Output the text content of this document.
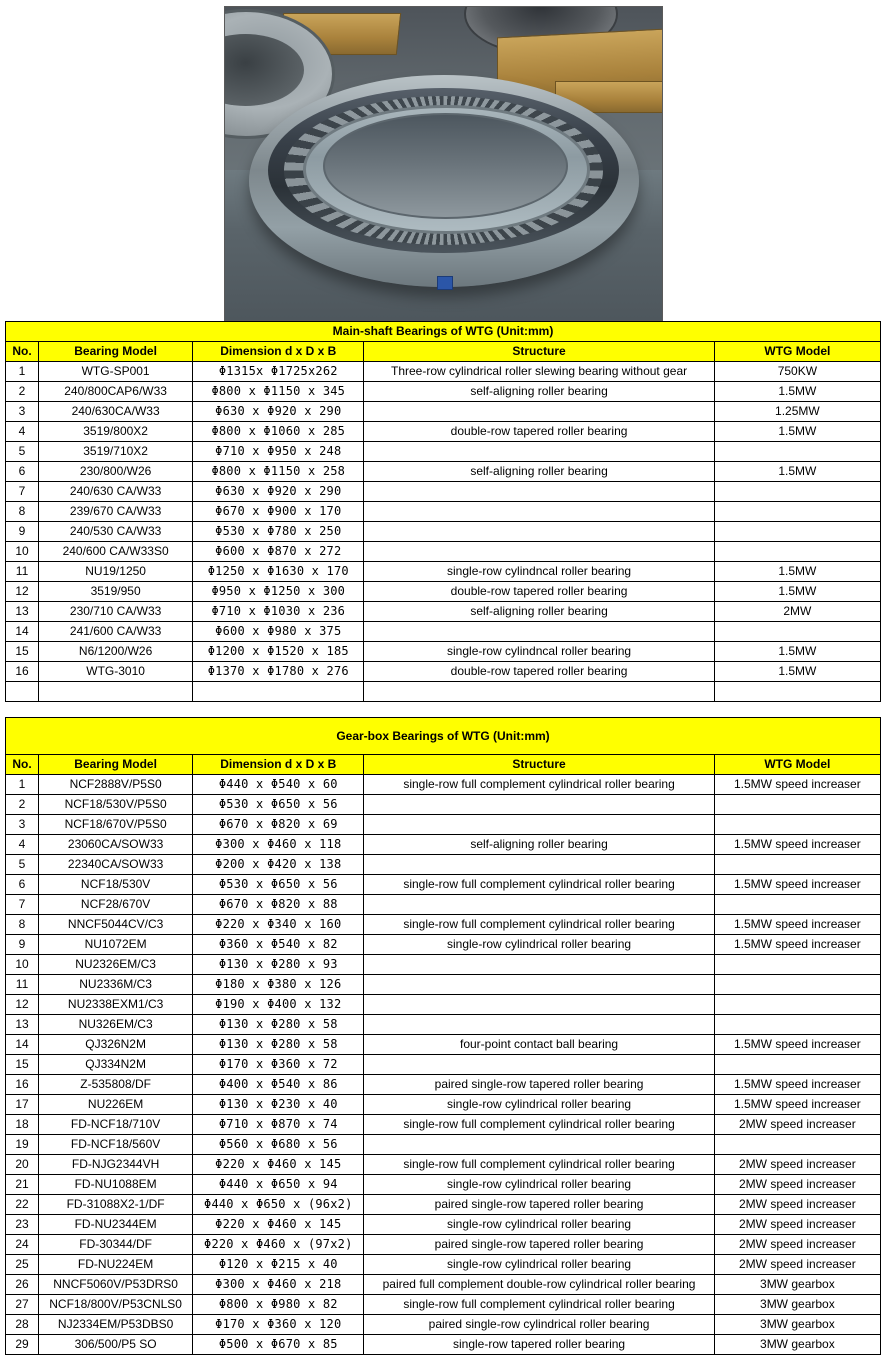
Main-shaft Bearings of WTG (Unit:mm)				
No.	Bearing Model	Dimension d x D x B	Structure	WTG Model
1	WTG-SP001	Φ1315x Φ1725x262	Three-row cylindrical roller slewing bearing without gear	750KW
2	240/800CAP6/W33	Φ800 x Φ1150 x 345	self-aligning roller bearing	1.5MW
3	240/630CA/W33	Φ630 x Φ920 x 290		1.25MW
4	3519/800X2	Φ800 x Φ1060 x 285	double-row tapered roller bearing	1.5MW
5	3519/710X2	Φ710 x Φ950 x 248		
6	230/800/W26	Φ800 x Φ1150 x 258	self-aligning roller bearing	1.5MW
7	240/630 CA/W33	Φ630 x Φ920 x 290		
8	239/670 CA/W33	Φ670 x Φ900 x 170		
9	240/530 CA/W33	Φ530 x Φ780 x 250		
10	240/600 CA/W33S0	Φ600 x Φ870 x 272		
11	NU19/1250	Φ1250 x Φ1630 x 170	single-row cylindncal roller bearing	1.5MW
12	3519/950	Φ950 x Φ1250 x 300	double-row tapered roller bearing	1.5MW
13	230/710 CA/W33	Φ710 x Φ1030 x 236	self-aligning roller bearing	2MW
14	241/600 CA/W33	Φ600 x Φ980 x 375		
15	N6/1200/W26	Φ1200 x Φ1520 x 185	single-row cylindncal roller bearing	1.5MW
16	WTG-3010	Φ1370 x Φ1780 x 276	double-row tapered roller bearing	1.5MW

Gear-box Bearings of WTG (Unit:mm)				
No.	Bearing Model	Dimension d x D x B	Structure	WTG Model
1	NCF2888V/P5S0	Φ440 x Φ540 x 60	single-row full complement cylindrical roller bearing	1.5MW speed increaser
2	NCF18/530V/P5S0	Φ530 x Φ650 x 56		
3	NCF18/670V/P5S0	Φ670 x Φ820 x 69		
4	23060CA/SOW33	Φ300 x Φ460 x 118	self-aligning roller bearing	1.5MW speed increaser
5	22340CA/SOW33	Φ200 x Φ420 x 138		
6	NCF18/530V	Φ530 x Φ650 x 56	single-row full complement cylindrical roller bearing	1.5MW speed increaser
7	NCF28/670V	Φ670 x Φ820 x 88		
8	NNCF5044CV/C3	Φ220 x Φ340 x 160	single-row full complement cylindrical roller bearing	1.5MW speed increaser
9	NU1072EM	Φ360 x Φ540 x 82	single-row cylindrical roller bearing	1.5MW speed increaser
10	NU2326EM/C3	Φ130 x Φ280 x 93		
11	NU2336M/C3	Φ180 x Φ380 x 126		
12	NU2338EXM1/C3	Φ190 x Φ400 x 132		
13	NU326EM/C3	Φ130 x Φ280 x 58		
14	QJ326N2M	Φ130 x Φ280 x 58	four-point contact ball bearing	1.5MW speed increaser
15	QJ334N2M	Φ170 x Φ360 x 72		
16	Z-535808/DF	Φ400 x Φ540 x 86	paired single-row tapered roller bearing	1.5MW speed increaser
17	NU226EM	Φ130 x Φ230 x 40	single-row cylindrical roller bearing	1.5MW speed increaser
18	FD-NCF18/710V	Φ710 x Φ870 x 74	single-row full complement cylindrical roller bearing	2MW speed increaser
19	FD-NCF18/560V	Φ560 x Φ680 x 56		
20	FD-NJG2344VH	Φ220 x Φ460 x 145	single-row full complement cylindrical roller bearing	2MW speed increaser
21	FD-NU1088EM	Φ440 x Φ650 x 94	single-row cylindrical roller bearing	2MW speed increaser
22	FD-31088X2-1/DF	Φ440 x Φ650 x (96x2)	paired single-row tapered roller bearing	2MW speed increaser
23	FD-NU2344EM	Φ220 x Φ460 x 145	single-row cylindrical roller bearing	2MW speed increaser
24	FD-30344/DF	Φ220 x Φ460 x (97x2)	paired single-row tapered roller bearing	2MW speed increaser
25	FD-NU224EM	Φ120 x Φ215 x 40	single-row cylindrical roller bearing	2MW speed increaser
26	NNCF5060V/P53DRS0	Φ300 x Φ460 x 218	paired full complement double-row cylindrical roller bearing	3MW gearbox
27	NCF18/800V/P53CNLS0	Φ800 x Φ980 x 82	single-row full complement cylindrical roller bearing	3MW gearbox
28	NJ2334EM/P53DBS0	Φ170 x Φ360 x 120	paired single-row cylindrical roller bearing	3MW gearbox
29	306/500/P5 SO	Φ500 x Φ670 x 85	single-row tapered roller bearing	3MW gearbox
